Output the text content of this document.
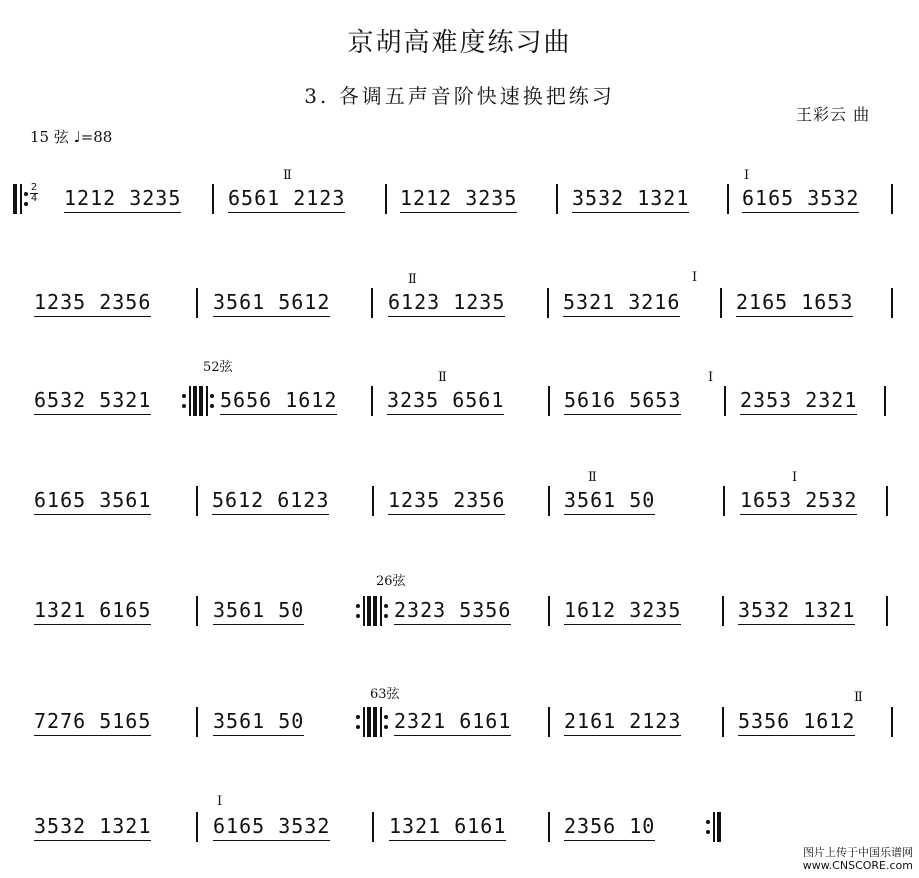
京胡高难度练习曲
3. 各调五声音阶快速换把练习
王彩云 曲
15 弦 ♩=88
2
4 1212 3235 6561 2123
Ⅱ
1212 3235	3532 1321	6165 3532
Ⅰ
1235 2356	3561 5612	6123 1235
Ⅱ
5321 3216
Ⅰ
2165 1653
6532 5321
52弦
5656 1612 3235 6561
Ⅱ
5616 5653
Ⅰ
2353 2321
6165 3561	5612 6123	1235 2356	3561 50
Ⅱ
1653 2532
Ⅰ
1321 6165	3561 50
26弦
2323 5356	1612 3235	3532 1321
7276 5165	3561 50
63弦
2321 6161	2161 2123	5356 1612
Ⅱ
3532 1321	6165 3532
Ⅰ
1321 6161	2356 10
图片上传于中国乐谱网
www.CNSCORE.com
